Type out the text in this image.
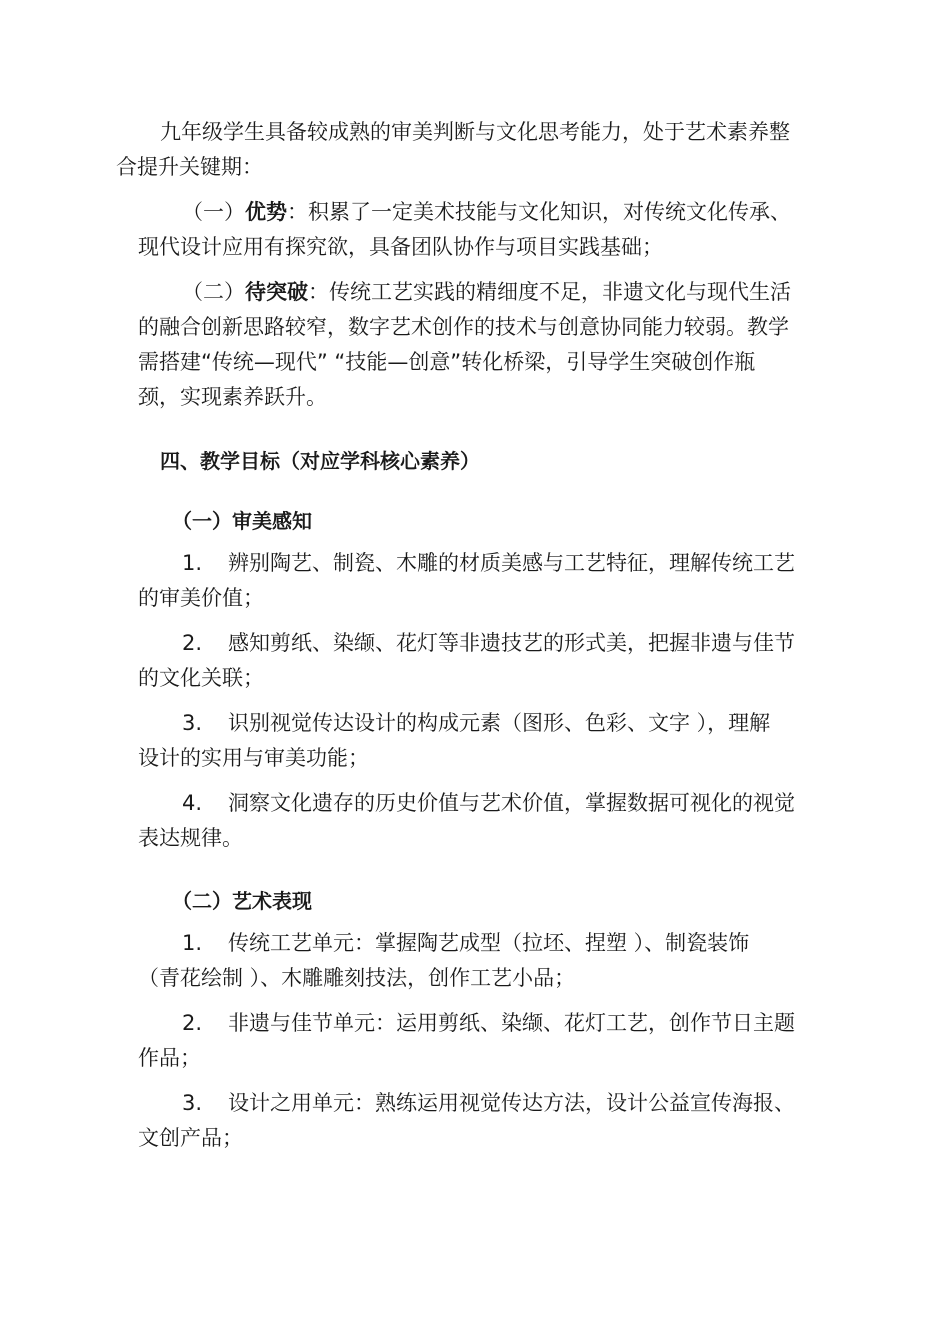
九年级学生具备较成熟的审美判断与文化思考能力，处于艺术素养整
合提升关键期：
（一）优势：积累了一定美术技能与文化知识，对传统文化传承、
现代设计应用有探究欲，具备团队协作与项目实践基础；
（二）待突破：传统工艺实践的精细度不足，非遗文化与现代生活
的融合创新思路较窄，数字艺术创作的技术与创意协同能力较弱。教学
需搭建“传统—现代” “技能—创意”转化桥梁，引导学生突破创作瓶
颈，实现素养跃升。
四、教学目标（对应学科核心素养）
（一）审美感知
1. 辨别陶艺、制瓷、木雕的材质美感与工艺特征，理解传统工艺
的审美价值；
2. 感知剪纸、染缬、花灯等非遗技艺的形式美，把握非遗与佳节
的文化关联；
3. 识别视觉传达设计的构成元素（图形、色彩、文字 ），理解
设计的实用与审美功能；
4. 洞察文化遗存的历史价值与艺术价值，掌握数据可视化的视觉
表达规律。
（二）艺术表现
1. 传统工艺单元：掌握陶艺成型（拉坯、捏塑 ）、制瓷装饰
（青花绘制 ）、木雕雕刻技法，创作工艺小品；
2. 非遗与佳节单元：运用剪纸、染缬、花灯工艺，创作节日主题
作品；
3. 设计之用单元：熟练运用视觉传达方法，设计公益宣传海报、
文创产品；
